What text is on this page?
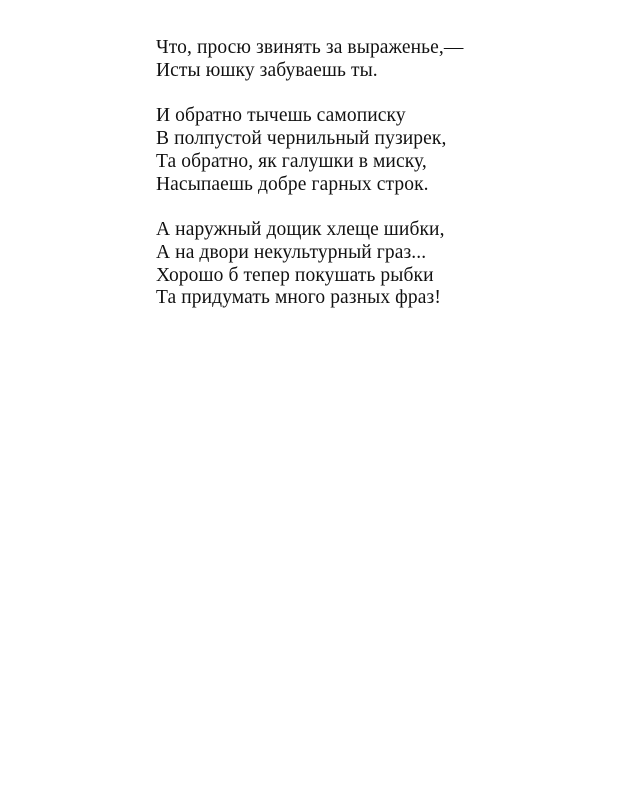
Что, просю звинять за выраженье,—
Исты юшку забуваешь ты.
И обратно тычешь самописку
В полпустой чернильный пузирек,
Та обратно, як галушки в миску,
Насыпаешь добре гарных строк.
А наружный дощик хлеще шибки,
А на двори некультурный граз...
Хорошо б тепер покушать рыбки
Та придумать много разных фраз!
